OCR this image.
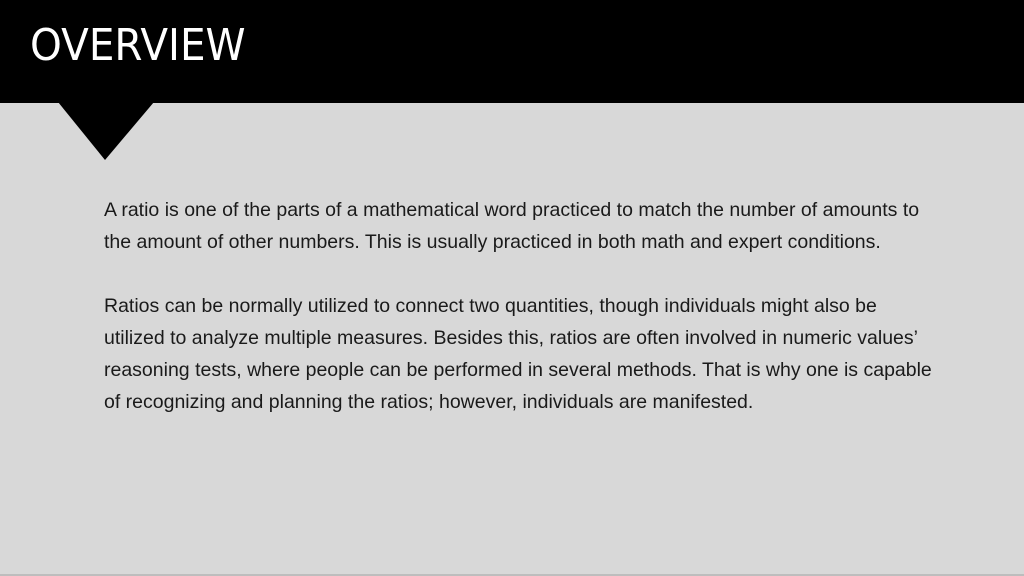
OVERVIEW

A ratio is one of the parts of a mathematical word practiced to match the number of amounts to the amount of other numbers. This is usually practiced in both math and expert conditions.

Ratios can be normally utilized to connect two quantities, though individuals might also be utilized to analyze multiple measures. Besides this, ratios are often involved in numeric values’ reasoning tests, where people can be performed in several methods. That is why one is capable of recognizing and planning the ratios; however, individuals are manifested.
